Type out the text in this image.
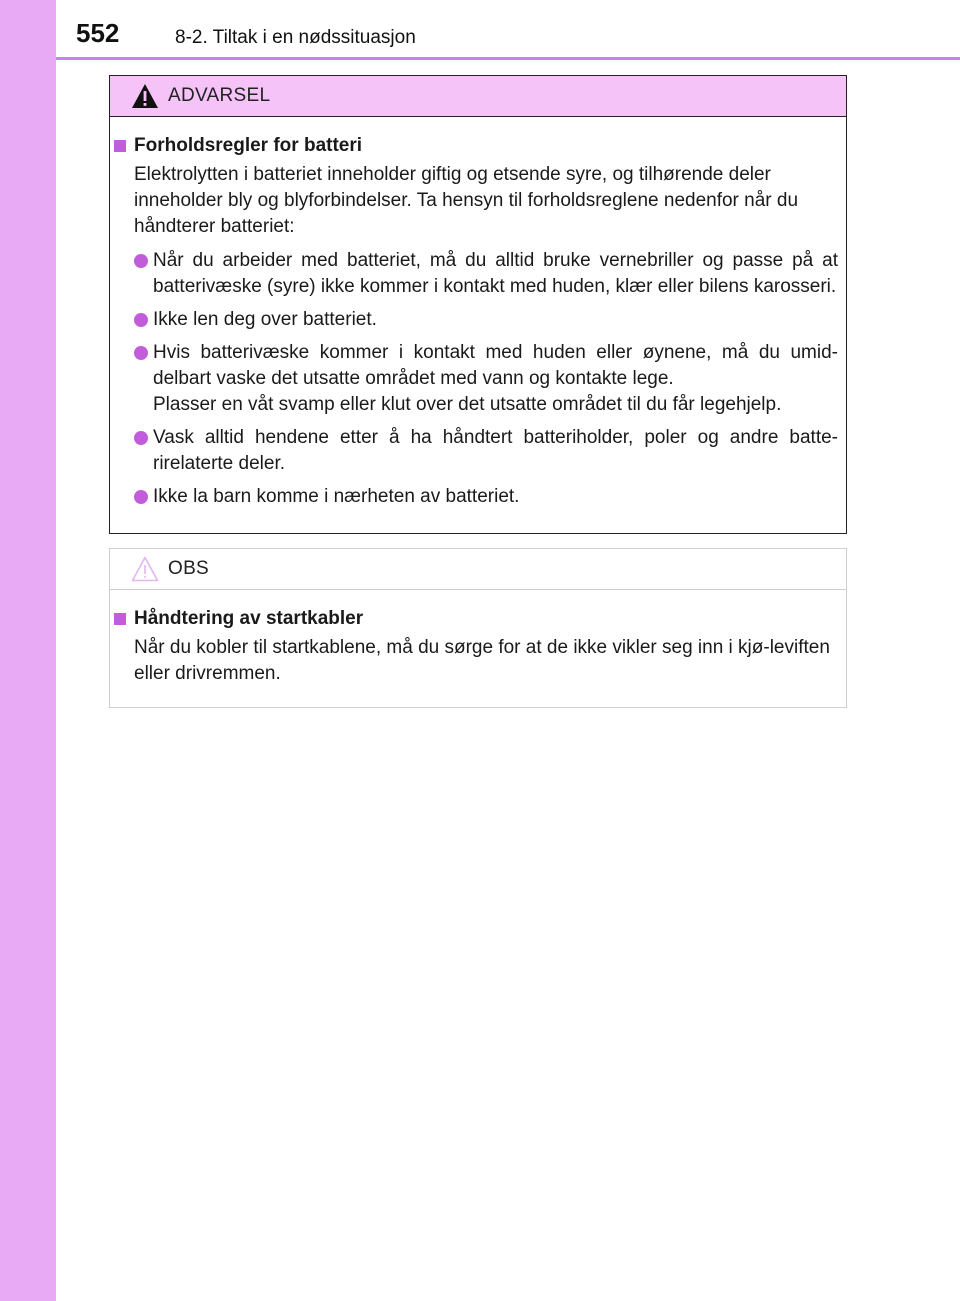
552	8-2. Tiltak i en nødssituasjon
ADVARSEL
Forholdsregler for batteri
Elektrolytten i batteriet inneholder giftig og etsende syre, og tilhørende deler inneholder bly og blyforbindelser. Ta hensyn til forholdsreglene nedenfor når du håndterer batteriet:
Når du arbeider med batteriet, må du alltid bruke vernebriller og passe på at batterivæske (syre) ikke kommer i kontakt med huden, klær eller bilens karosseri.
Ikke len deg over batteriet.
Hvis batterivæske kommer i kontakt med huden eller øynene, må du umid-delbart vaske det utsatte området med vann og kontakte lege.
Plasser en våt svamp eller klut over det utsatte området til du får legehjelp.
Vask alltid hendene etter å ha håndtert batteriholder, poler og andre batte-rirelaterte deler.
Ikke la barn komme i nærheten av batteriet.
OBS
Håndtering av startkabler
Når du kobler til startkablene, må du sørge for at de ikke vikler seg inn i kjø-leviften eller drivremmen.
